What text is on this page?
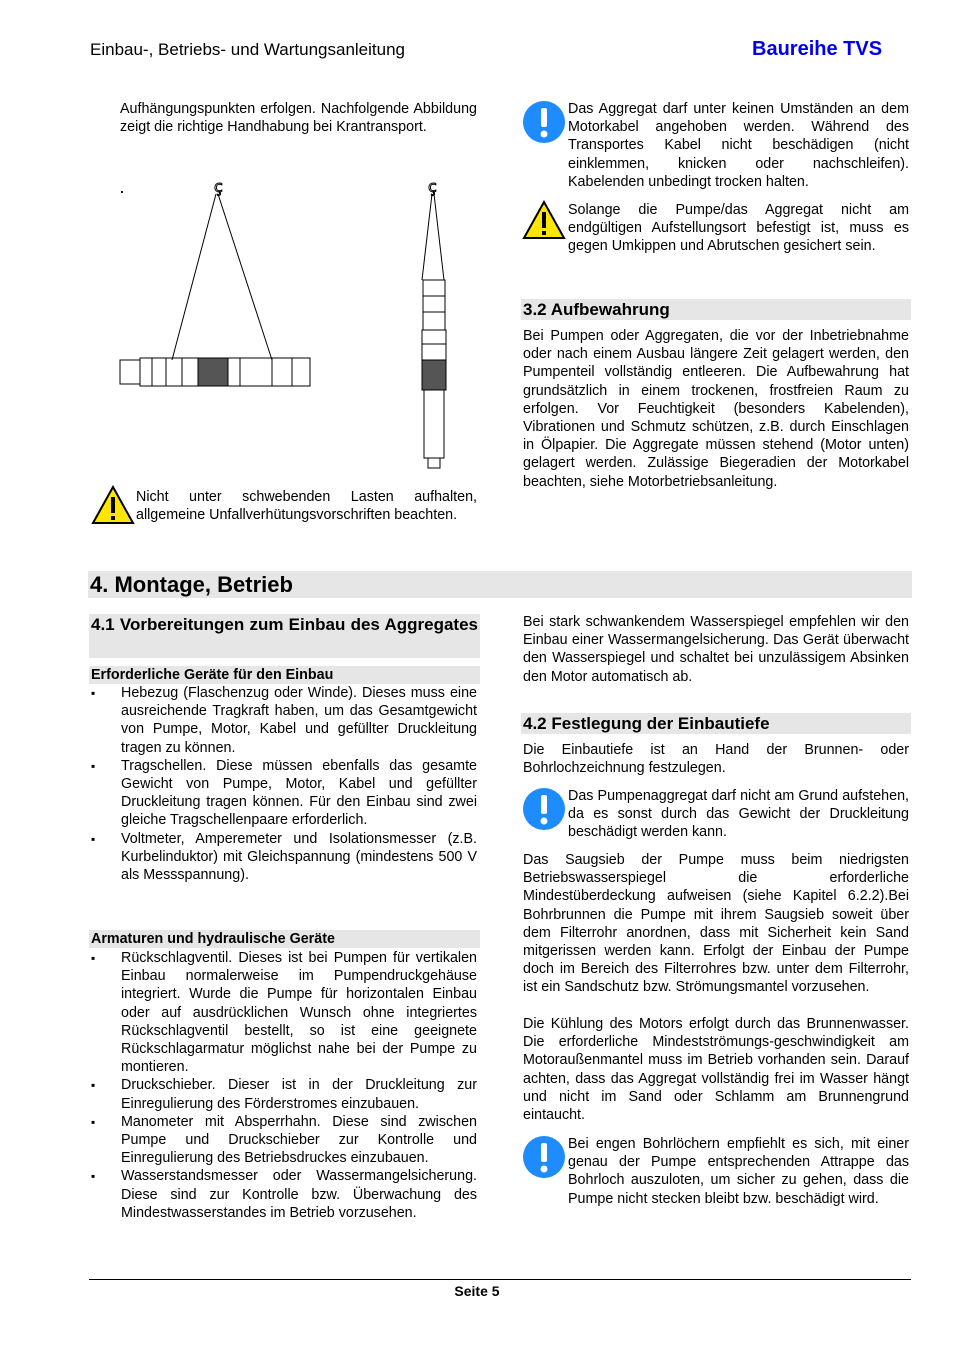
Einbau-, Betriebs- und Wartungsanleitung	Baureihe TVS

Aufhängungspunkten erfolgen. Nachfolgende Abbildung zeigt die richtige Handhabung bei Krantransport.

ç	ç

Nicht unter schwebenden Lasten aufhalten, allgemeine Unfallverhütungsvorschriften beachten.

Das Aggregat darf unter keinen Umständen an dem Motorkabel angehoben werden. Während des Transportes Kabel nicht beschädigen (nicht einklemmen, knicken oder nachschleifen). Kabelenden unbedingt trocken halten.

Solange die Pumpe/das Aggregat nicht am endgültigen Aufstellungsort befestigt ist, muss es gegen Umkippen und Abrutschen gesichert sein.

3.2 Aufbewahrung

Bei Pumpen oder Aggregaten, die vor der Inbetriebnahme oder nach einem Ausbau längere Zeit gelagert werden, den Pumpenteil vollständig entleeren. Die Aufbewahrung hat grundsätzlich in einem trockenen, frostfreien Raum zu erfolgen. Vor Feuchtigkeit (besonders Kabelenden), Vibrationen und Schmutz schützen, z.B. durch Einschlagen in Ölpapier. Die Aggregate müssen stehend (Motor unten) gelagert werden. Zulässige Biegeradien der Motorkabel beachten, siehe Motorbetriebsanleitung.

4. Montage, Betrieb
4.1 Vorbereitungen zum Einbau des Aggregates
Erforderliche Geräte für den Einbau
▪ Hebezug (Flaschenzug oder Winde). Dieses muss eine ausreichende Tragkraft haben, um das Gesamtgewicht von Pumpe, Motor, Kabel und gefüllter Druckleitung tragen zu können.
▪ Tragschellen. Diese müssen ebenfalls das gesamte Gewicht von Pumpe, Motor, Kabel und gefüllter Druckleitung tragen können. Für den Einbau sind zwei gleiche Tragschellenpaare erforderlich.
▪ Voltmeter, Amperemeter und Isolationsmesser (z.B. Kurbelinduktor) mit Gleichspannung (mindestens 500 V als Messspannung).
Armaturen und hydraulische Geräte
▪ Rückschlagventil. Dieses ist bei Pumpen für vertikalen Einbau normalerweise im Pumpendruckgehäuse integriert. Wurde die Pumpe für horizontalen Einbau oder auf ausdrücklichen Wunsch ohne integriertes Rückschlagventil bestellt, so ist eine geeignete Rückschlagarmatur möglichst nahe bei der Pumpe zu montieren.
▪ Druckschieber. Dieser ist in der Druckleitung zur Einregulierung des Förderstromes einzubauen.
▪ Manometer mit Absperrhahn. Diese sind zwischen Pumpe und Druckschieber zur Kontrolle und Einregulierung des Betriebsdruckes einzubauen.
▪ Wasserstandsmesser oder Wassermangelsicherung. Diese sind zur Kontrolle bzw. Überwachung des Mindestwasserstandes im Betrieb vorzusehen.

Bei stark schwankendem Wasserspiegel empfehlen wir den Einbau einer Wassermangelsicherung. Das Gerät überwacht den Wasserspiegel und schaltet bei unzulässigem Absinken den Motor automatisch ab.

4.2 Festlegung der Einbautiefe

Die Einbautiefe ist an Hand der Brunnen- oder Bohrlochzeichnung festzulegen.

Das Pumpenaggregat darf nicht am Grund aufstehen, da es sonst durch das Gewicht der Druckleitung beschädigt werden kann.

Das Saugsieb der Pumpe muss beim niedrigsten Betriebswasserspiegel die erforderliche Mindestüberdeckung aufweisen (siehe Kapitel 6.2.2).Bei Bohrbrunnen die Pumpe mit ihrem Saugsieb soweit über dem Filterrohr anordnen, dass mit Sicherheit kein Sand mitgerissen werden kann. Erfolgt der Einbau der Pumpe doch im Bereich des Filterrohres bzw. unter dem Filterrohr, ist ein Sandschutz bzw. Strömungsmantel vorzusehen.

Die Kühlung des Motors erfolgt durch das Brunnenwasser. Die erforderliche Mindestströmungs-geschwindigkeit am Motoraußenmantel muss im Betrieb vorhanden sein. Darauf achten, dass das Aggregat vollständig frei im Wasser hängt und nicht im Sand oder Schlamm am Brunnengrund eintaucht.

Bei engen Bohrlöchern empfiehlt es sich, mit einer genau der Pumpe entsprechenden Attrappe das Bohrloch auszuloten, um sicher zu gehen, dass die Pumpe nicht stecken bleibt bzw. beschädigt wird.

Seite 5
